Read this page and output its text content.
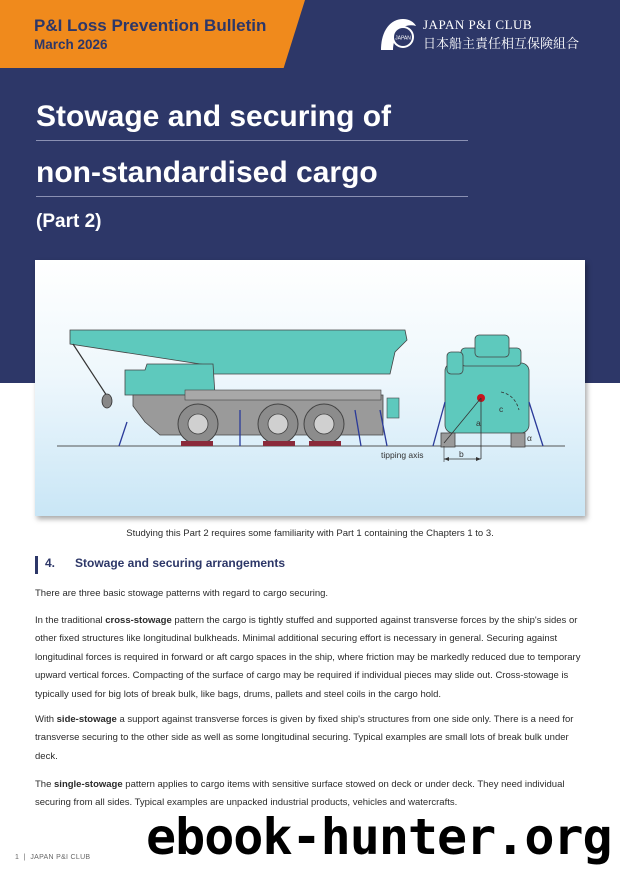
P&I Loss Prevention Bulletin
March 2026	JAPAN
JAPAN P&I CLUB
日本船主責任相互保険組合
Stowage and securing of
non-standardised cargo
(Part 2)
a
c
b
α
tipping axis
Studying this Part 2 requires some familiarity with Part 1 containing the Chapters 1 to 3.
4. Stowage and securing arrangements

There are three basic stowage patterns with regard to cargo securing.

In the traditional cross-stowage pattern the cargo is tightly stuffed and supported against transverse forces by the ship's sides or other fixed structures like longitudinal bulkheads. Minimal additional securing effort is necessary in general. Securing against longitudinal forces is required in forward or aft cargo spaces in the ship, where friction may be markedly reduced due to temporary upward vertical forces. Compacting of the surface of cargo may be required if individual pieces may slide out. Cross-stowage is typically used for big lots of break bulk, like bags, drums, pallets and steel coils in the cargo hold.

With side-stowage a support against transverse forces is given by fixed ship's structures from one side only. There is a need for transverse securing to the other side as well as some longitudinal securing. Typical examples are small lots of break bulk under deck.

The single-stowage pattern applies to cargo items with sensitive surface stowed on deck or under deck. They need individual securing from all sides. Typical examples are unpacked industrial products, vehicles and watercrafts.

1  |  JAPAN P&I CLUB ebook-hunter.org
